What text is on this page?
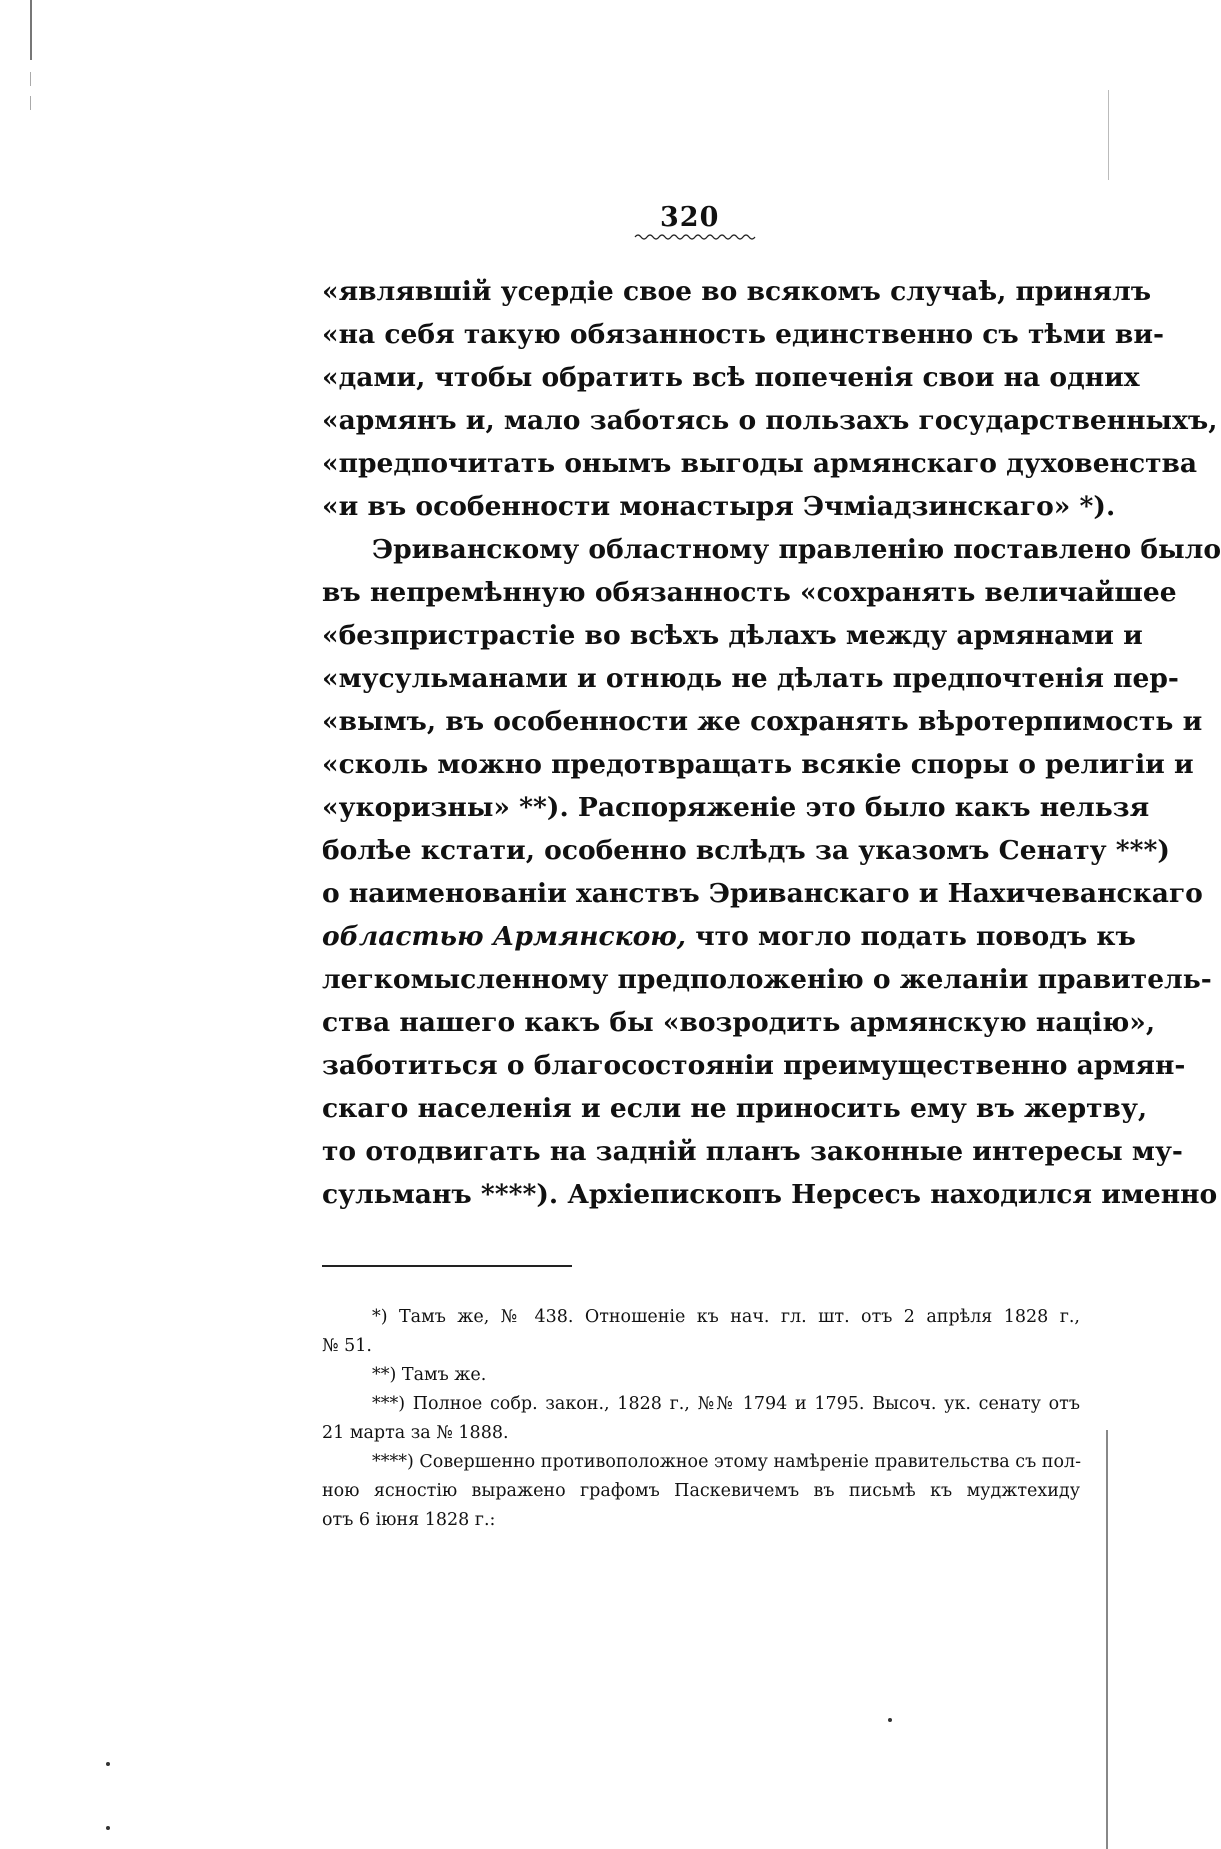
320
«являвшій усердіе свое во всякомъ случаѣ, принялъ
«на себя такую обязанность единственно съ тѣми ви-
«дами, чтобы обратить всѣ попеченія свои на одних
«армянъ и, мало заботясь о пользахъ государственныхъ,
«предпочитать онымъ выгоды армянскаго духовенства
«и въ особенности монастыря Эчміадзинскаго» *).
Эриванскому областному правленію поставлено было
въ непремѣнную обязанность «сохранять величайшее
«безпристрастіе во всѣхъ дѣлахъ между армянами и
«мусульманами и отнюдь не дѣлать предпочтенія пер-
«вымъ, въ особенности же сохранять вѣротерпимость и
«сколь можно предотвращать всякіе споры о религіи и
«укоризны» **). Распоряженіе это было какъ нельзя
болѣе кстати, особенно вслѣдъ за указомъ Сенату ***)
о наименованіи ханствъ Эриванскаго и Нахичеванскаго
областью Армянскою, что могло подать поводъ къ
легкомысленному предположенію о желаніи правитель-
ства нашего какъ бы «возродить армянскую націю»,
заботиться о благосостояніи преимущественно армян-
скаго населенія и если не приносить ему въ жертву,
то отодвигать на задній планъ законные интересы му-
сульманъ ****). Архіепископъ Нерсесъ находился именно
*) Тамъ же, № 438. Отношеніе къ нач. гл. шт. отъ 2 апрѣля 1828 г.,
№ 51.
**) Тамъ же.
***) Полное собр. закон., 1828 г., №№ 1794 и 1795. Высоч. ук. сенату отъ
21 марта за № 1888.
****) Совершенно противоположное этому намѣреніе правительства съ пол-
ною ясностію выражено графомъ Паскевичемъ въ письмѣ къ муджтехиду
отъ 6 іюня 1828 г.:
